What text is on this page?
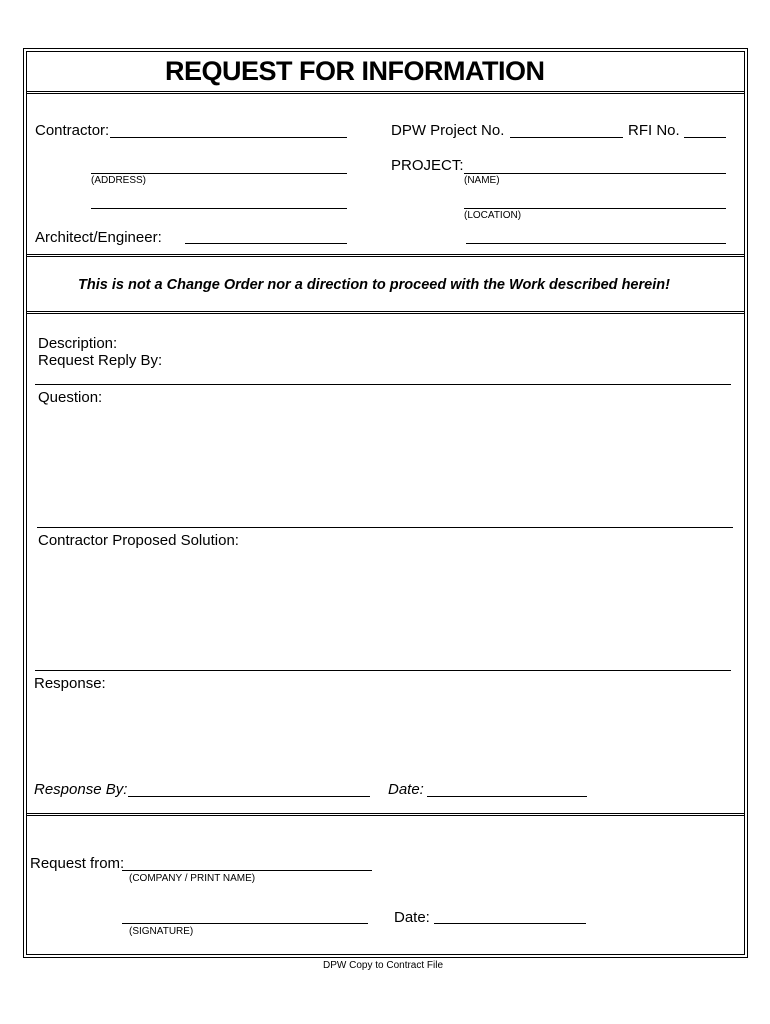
REQUEST FOR INFORMATION
Contractor:	DPW Project No.	RFI No.
(ADDRESS)
PROJECT:
(NAME)
(LOCATION)
Architect/Engineer:
This is not a Change Order nor a direction to proceed with the Work described herein!
Description:
Request Reply By:
Question:
Contractor Proposed Solution:
Response:
Response By:	Date:
Request from:
(COMPANY / PRINT NAME)
(SIGNATURE)
Date:
DPW Copy to Contract File
